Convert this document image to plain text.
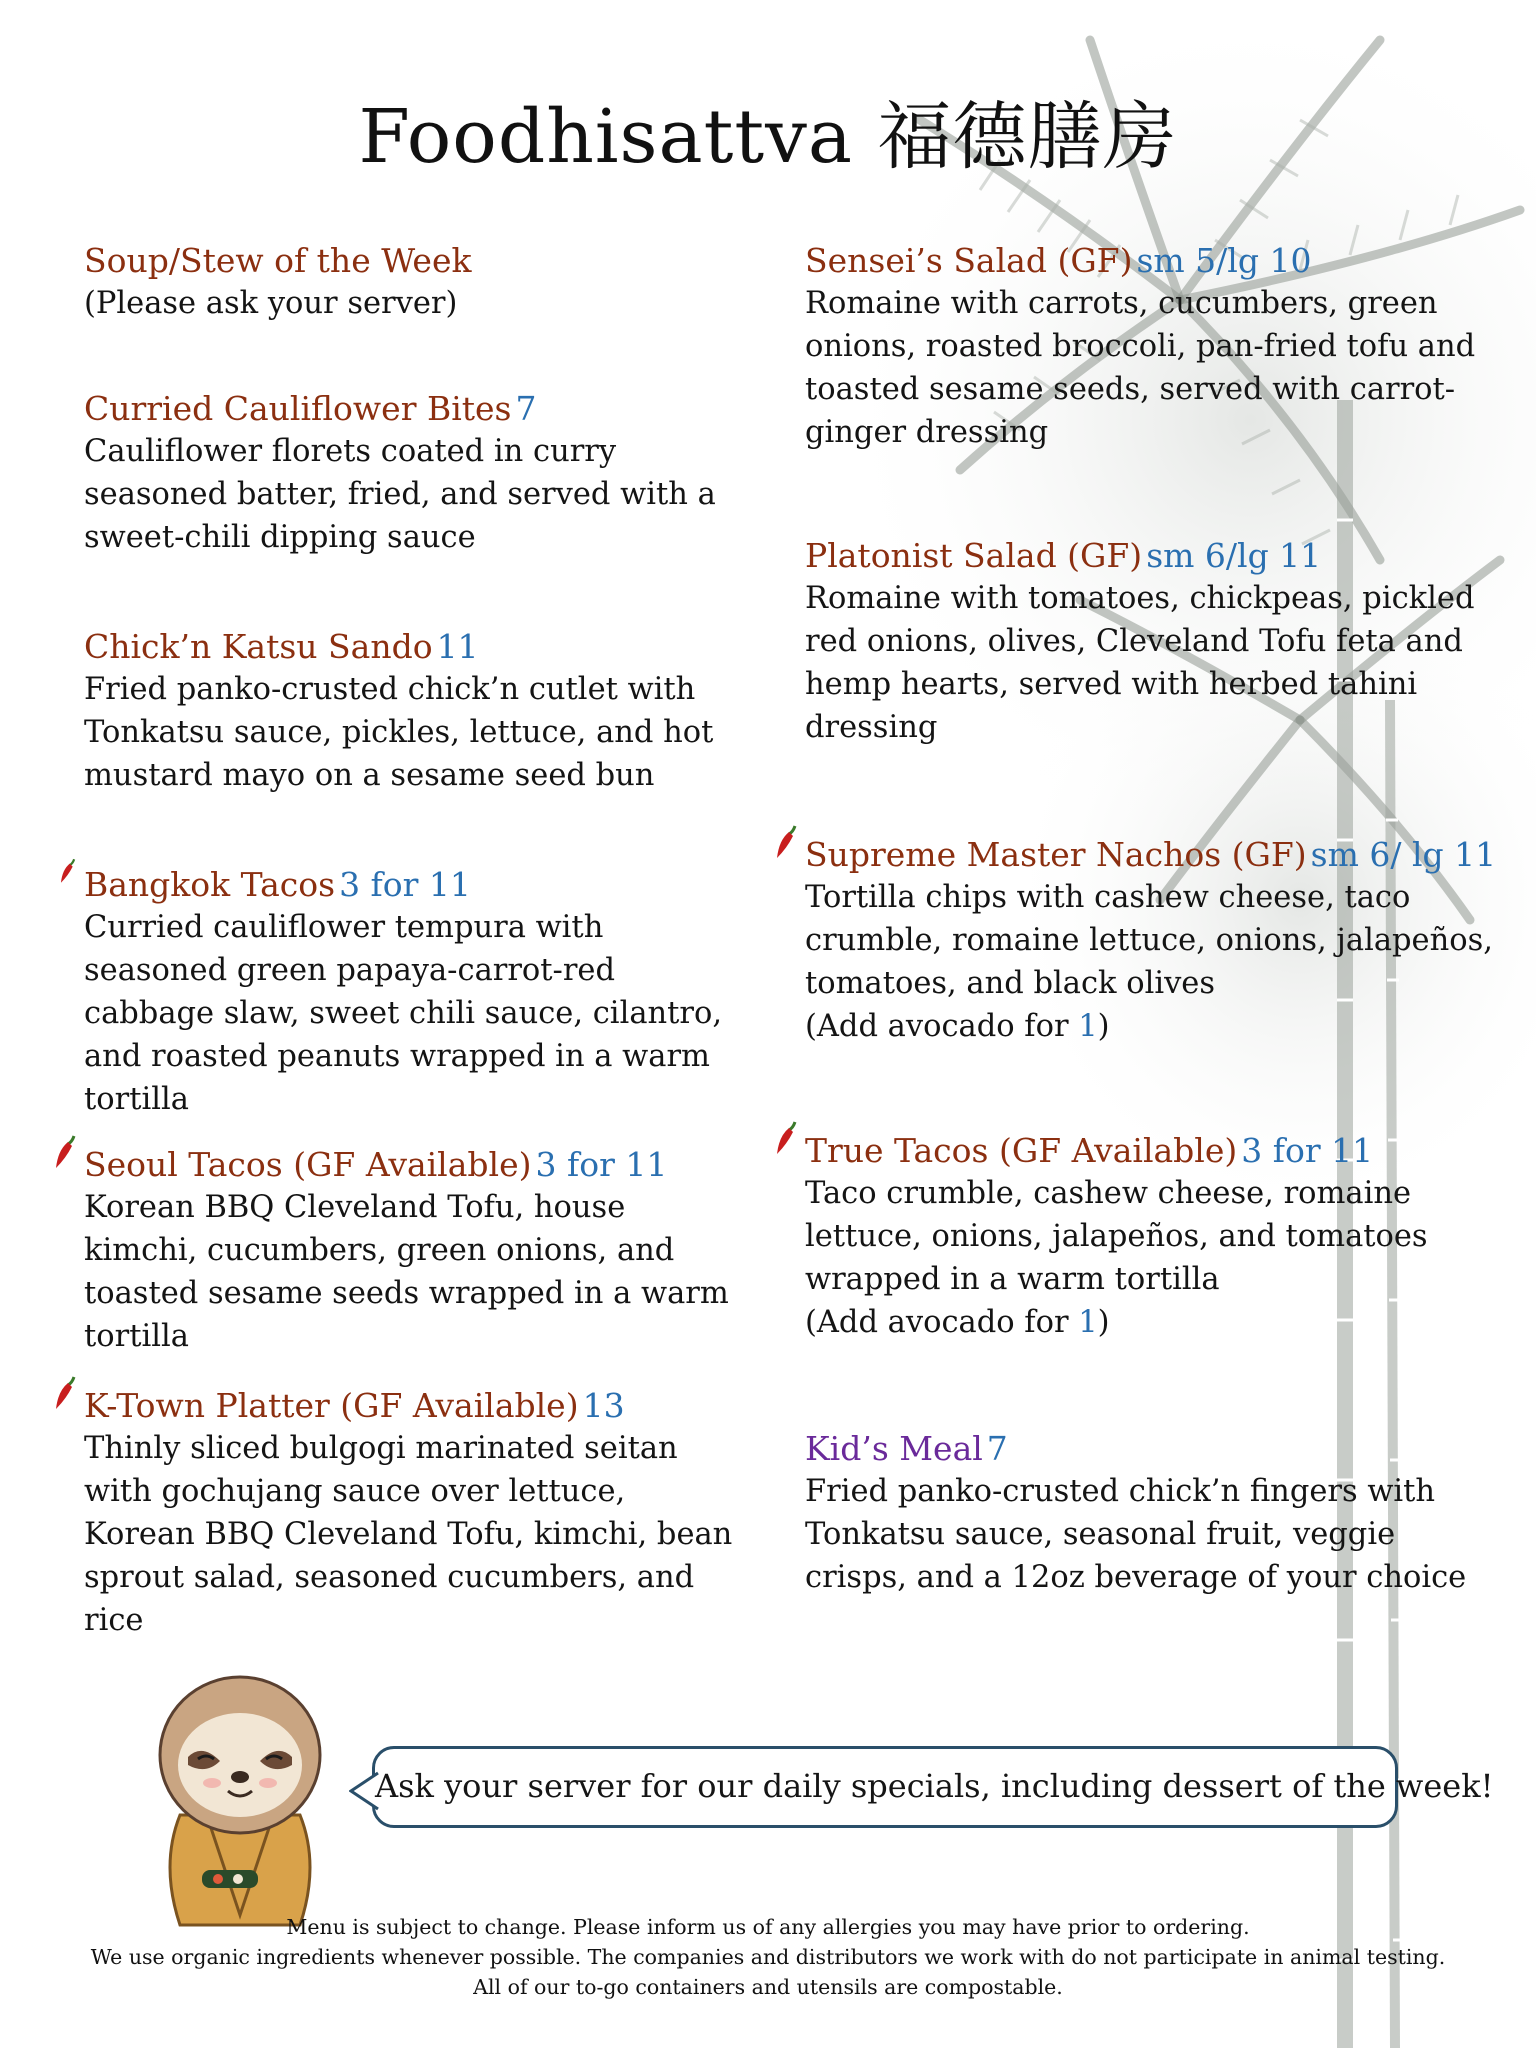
Foodhisattva 福德膳房
Soup/Stew of the Week
(Please ask your server)
Curried Cauliflower Bites 7
Cauliflower florets coated in curry seasoned batter, fried, and served with a sweet-chili dipping sauce
Chick’n Katsu Sando 11
Fried panko-crusted chick’n cutlet with Tonkatsu sauce, pickles, lettuce, and hot mustard mayo on a sesame seed bun
Bangkok Tacos 3 for 11
Curried cauliflower tempura with seasoned green papaya-carrot-red cabbage slaw, sweet chili sauce, cilantro, and roasted peanuts wrapped in a warm tortilla
Seoul Tacos (GF Available) 3 for 11
Korean BBQ Cleveland Tofu, house kimchi, cucumbers, green onions, and toasted sesame seeds wrapped in a warm tortilla
K-Town Platter (GF Available) 13
Thinly sliced bulgogi marinated seitan with gochujang sauce over lettuce, Korean BBQ Cleveland Tofu, kimchi, bean sprout salad, seasoned cucumbers, and rice
Sensei’s Salad (GF) sm 5/lg 10
Romaine with carrots, cucumbers, green onions, roasted broccoli, pan-fried tofu and toasted sesame seeds, served with carrot-ginger dressing
Platonist Salad (GF) sm 6/lg 11
Romaine with tomatoes, chickpeas, pickled red onions, olives, Cleveland Tofu feta and hemp hearts, served with herbed tahini dressing
Supreme Master Nachos (GF) sm 6/ lg 11
Tortilla chips with cashew cheese, taco crumble, romaine lettuce, onions, jalapeños, tomatoes, and black olives
(Add avocado for 1)
True Tacos (GF Available) 3 for 11
Taco crumble, cashew cheese, romaine lettuce, onions, jalapeños, and tomatoes wrapped in a warm tortilla
(Add avocado for 1)
Kid’s Meal 7
Fried panko-crusted chick’n fingers with Tonkatsu sauce, seasonal fruit, veggie crisps, and a 12oz beverage of your choice
Ask your server for our daily specials, including dessert of the week!
Menu is subject to change. Please inform us of any allergies you may have prior to ordering.
We use organic ingredients whenever possible. The companies and distributors we work with do not participate in animal testing.
All of our to-go containers and utensils are compostable.
